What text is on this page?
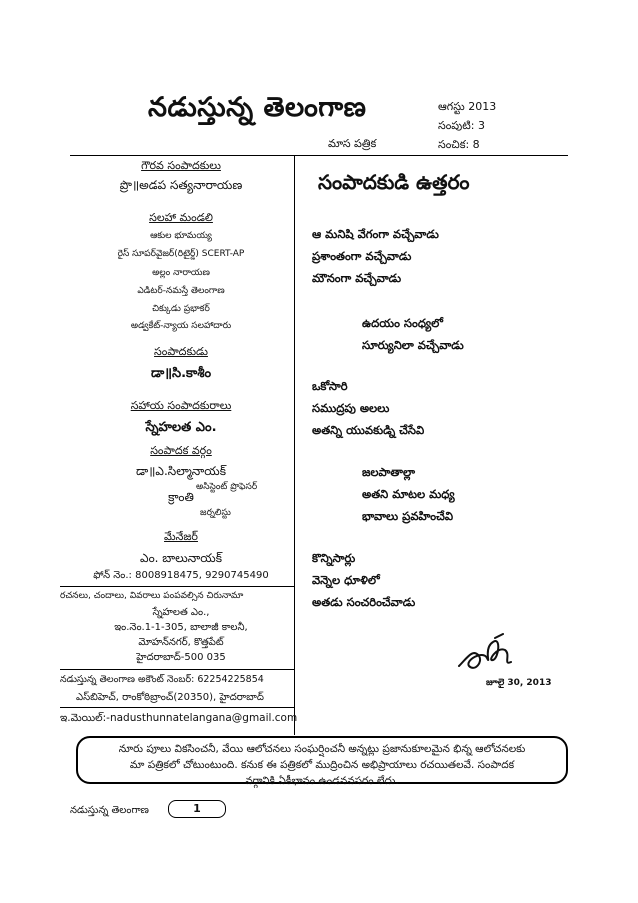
నడుస్తున్న తెలంగాణ
మాస పత్రిక
ఆగస్టు 2013
సంపుటి: 3
సంచిక: 8
గౌరవ సంపాదకులు
ప్రొ॥అడప సత్యనారాయణ
సలహా మండలి
ఆకుల భూమయ్య
రైస్ సూపర్‌వైజర్(రిటైర్డ్) SCERT-AP
అల్లం నారాయణ
ఎడిటర్-నమస్తే తెలంగాణ
చిక్కుడు ప్రభాకర్
అడ్వకేట్-న్యాయ సలహాదారు
సంపాదకుడు
డా॥సి.కాశీం
సహాయ సంపాదకురాలు
స్నేహలత ఎం.
సంపాదక వర్గం
డా॥ఎ.సిల్మానాయక్
అసిస్టెంట్ ప్రొఫెసర్
క్రాంతి
జర్నలిస్టు
మేనేజర్
ఎం. బాలునాయక్
ఫోన్ నెం.: 8008918475, 9290745490
రచనలు, చందాలు, వివరాలు పంపవల్సిన చిరునామా
స్నేహలత ఎం.,
ఇం.నెం.1-1-305, బాలాజీ కాలనీ,
మోహన్‌నగర్, కొత్తపేట్
హైదరాబాద్-500 035
నడుస్తున్న తెలంగాణ అకౌంట్ నెంబర్: 62254225854
ఎస్‌బిహెచ్, రాంకోఠిబ్రాంచ్(20350), హైదరాబాద్
ఇ.మెయిల్:-nadusthunnatelangana@gmail.com
సంపాదకుడి ఉత్తరం
ఆ మనిషి వేగంగా వచ్చేవాడు
ప్రశాంతంగా వచ్చేవాడు
మౌనంగా వచ్చేవాడు
ఉదయం సంధ్యలో
సూర్యునిలా వచ్చేవాడు
ఒకోసారి
సముద్రపు అలలు
అతన్ని యువకుడ్ని చేసేవి
జలపాతాల్లా
అతని మాటల మధ్య
భావాలు ప్రవహించేవి
కొన్నిసార్లు
వెన్నెల ధూళిలో
అతడు సంచరించేవాడు
జూలై 30, 2013
నూరు పూలు వికసించనీ, వేయి ఆలోచనలు సంఘర్షించనీ అన్నట్లు ప్రజానుకూలమైన భిన్న ఆలోచనలకు
మా పత్రికలో చోటుంటుంది. కనుక ఈ పత్రికలో ముద్రించిన అభిప్రాయాలు రచయితలవే. సంపాదక
వర్గానికి ఏకీభావం ఉండనవసరం లేదు.
నడుస్తున్న తెలంగాణ	1
